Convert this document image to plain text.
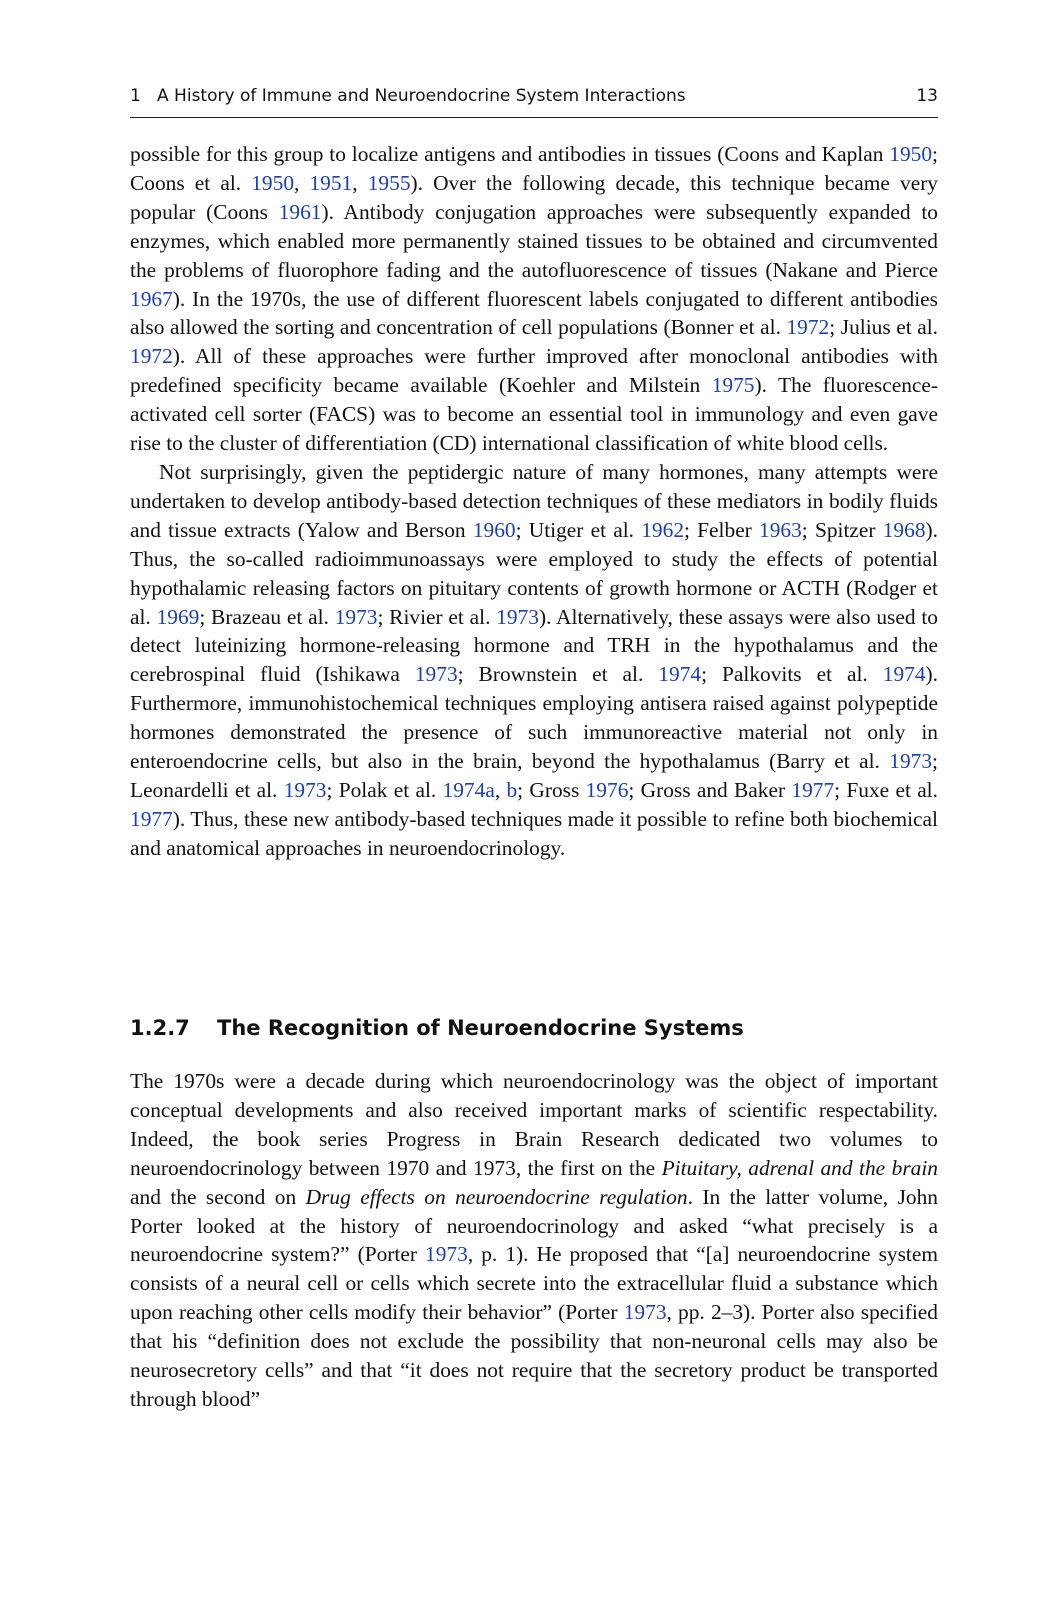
1   A History of Immune and Neuroendocrine System Interactions	13

possible for this group to localize antigens and antibodies in tissues (Coons and Kaplan 1950; Coons et al. 1950, 1951, 1955). Over the following decade, this technique became very popular (Coons 1961). Antibody conjugation approaches were subsequently expanded to enzymes, which enabled more permanently stained tissues to be obtained and circumvented the problems of fluorophore fading and the autofluorescence of tissues (Nakane and Pierce 1967). In the 1970s, the use of different fluorescent labels conjugated to different antibodies also allowed the sorting and concentration of cell populations (Bonner et al. 1972; Julius et al. 1972). All of these approaches were further improved after monoclonal antibodies with predefined specificity became available (Koehler and Milstein 1975). The fluorescence-activated cell sorter (FACS) was to become an essential tool in immunology and even gave rise to the cluster of differentiation (CD) international classification of white blood cells.

Not surprisingly, given the peptidergic nature of many hormones, many attempts were undertaken to develop antibody-based detection techniques of these mediators in bodily fluids and tissue extracts (Yalow and Berson 1960; Utiger et al. 1962; Felber 1963; Spitzer 1968). Thus, the so-called radioimmunoassays were employed to study the effects of potential hypothalamic releasing factors on pituitary contents of growth hormone or ACTH (Rodger et al. 1969; Brazeau et al. 1973; Rivier et al. 1973). Alternatively, these assays were also used to detect luteinizing hormone-releasing hormone and TRH in the hypothalamus and the cerebrospinal fluid (Ishikawa 1973; Brownstein et al. 1974; Palkovits et al. 1974). Furthermore, immunohistochemical techniques employing antisera raised against polypeptide hormones demonstrated the presence of such immunoreactive material not only in enteroendocrine cells, but also in the brain, beyond the hypothalamus (Barry et al. 1973; Leonardelli et al. 1973; Polak et al. 1974a, b; Gross 1976; Gross and Baker 1977; Fuxe et al. 1977). Thus, these new antibody-based techniques made it possible to refine both biochemical and anatomical approaches in neuroendocrinology.

1.2.7 The Recognition of Neuroendocrine Systems

The 1970s were a decade during which neuroendocrinology was the object of important conceptual developments and also received important marks of scientific respectability. Indeed, the book series Progress in Brain Research dedicated two volumes to neuroendocrinology between 1970 and 1973, the first on the Pituitary, adrenal and the brain and the second on Drug effects on neuroendocrine regulation. In the latter volume, John Porter looked at the history of neuroendocrinology and asked “what precisely is a neuroendocrine system?” (Porter 1973, p. 1). He proposed that “[a] neuroendocrine system consists of a neural cell or cells which secrete into the extracellular fluid a substance which upon reaching other cells modify their behavior” (Porter 1973, pp. 2–3). Porter also specified that his “definition does not exclude the possibility that non-neuronal cells may also be neurosecretory cells” and that “it does not require that the secretory product be transported through blood”
